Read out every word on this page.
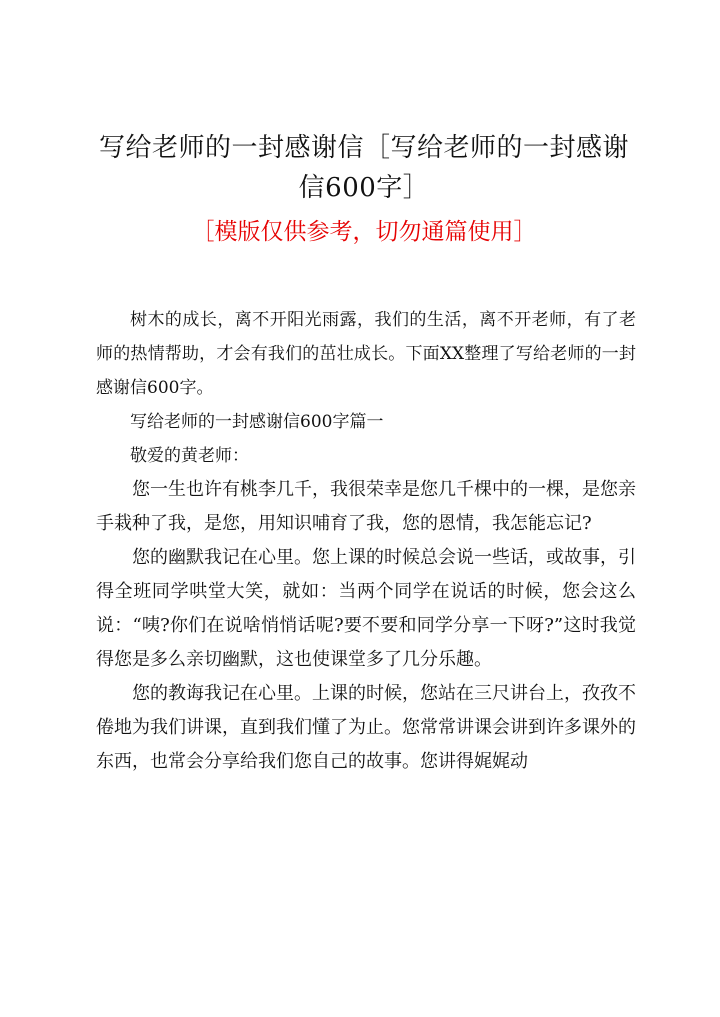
写给老师的一封感谢信［写给老师的一封感谢信600字］
［模版仅供参考，切勿通篇使用］

树木的成长，离不开阳光雨露，我们的生活，离不开老师，有了老师的热情帮助，才会有我们的茁壮成长。下面XX整理了写给老师的一封感谢信600字。

写给老师的一封感谢信600字篇一

敬爱的黄老师：

您一生也许有桃李几千，我很荣幸是您几千棵中的一棵，是您亲手栽种了我，是您，用知识哺育了我，您的恩情，我怎能忘记?

您的幽默我记在心里。您上课的时候总会说一些话，或故事，引得全班同学哄堂大笑，就如：当两个同学在说话的时候，您会这么说：“咦?你们在说啥悄悄话呢?要不要和同学分享一下呀?”这时我觉得您是多么亲切幽默，这也使课堂多了几分乐趣。

您的教诲我记在心里。上课的时候，您站在三尺讲台上，孜孜不倦地为我们讲课，直到我们懂了为止。您常常讲课会讲到许多课外的东西，也常会分享给我们您自己的故事。您讲得娓娓动
